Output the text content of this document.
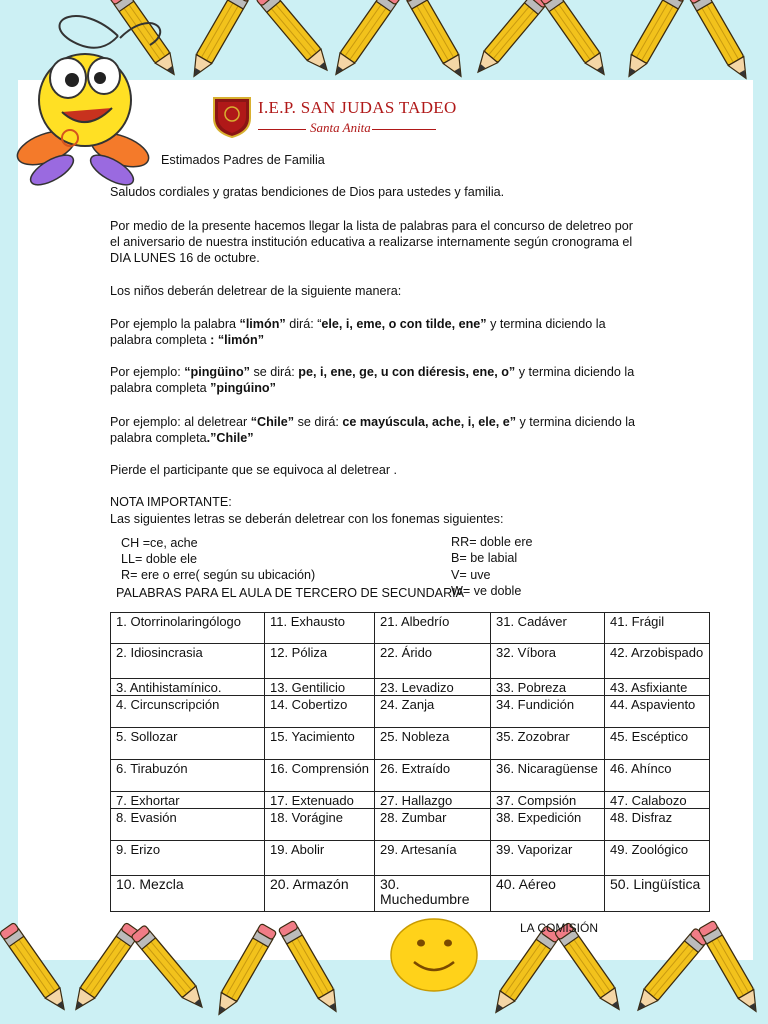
I.E.P. SAN JUDAS TADEO
Santa Anita
Estimados Padres de Familia
Saludos cordiales y gratas bendiciones de Dios para ustedes y familia.
Por medio de la presente hacemos llegar la lista de palabras para el concurso de deletreo por
el aniversario de nuestra institución educativa a realizarse internamente según cronograma el
DIA LUNES 16 de octubre.
Los niños deberán deletrear de la siguiente manera:
Por ejemplo la palabra “limón” dirá: “ele, i, eme, o con tilde, ene” y termina diciendo la
palabra completa : “limón”
Por ejemplo: “pingüino” se dirá: pe, i, ene, ge, u con diéresis, ene, o” y termina diciendo la
palabra completa ”pingúino”
Por ejemplo: al deletrear “Chile” se dirá: ce mayúscula, ache, i, ele, e” y termina diciendo la
palabra completa.”Chile”
Pierde el participante que se equivoca al deletrear .
NOTA IMPORTANTE:
Las siguientes letras se deberán deletrear con los fonemas siguientes:
CH =ce, ache
LL= doble ele
R= ere o erre( según su ubicación)
RR= doble ere
B= be labial
V= uve
W= ve doble
PALABRAS PARA EL AULA DE TERCERO DE SECUNDARIA
1. Otorrinolaringólogo	11. Exhausto	21. Albedrío	31. Cadáver	41. Frágil
2. Idiosincrasia	12. Póliza	22. Árido	32. Víbora	42. Arzobispado
3. Antihistamínico.	13. Gentilicio	23. Levadizo	33. Pobreza	43. Asfixiante
4. Circunscripción	14. Cobertizo	24. Zanja	34. Fundición	44. Aspaviento
5. Sollozar	15. Yacimiento	25. Nobleza	35. Zozobrar	45. Escéptico
6. Tirabuzón	16. Comprensión	26. Extraído	36. Nicaragüense	46. Ahínco
7. Exhortar	17. Extenuado	27. Hallazgo	37. Compsión	47. Calabozo
8. Evasión	18. Vorágine	28. Zumbar	38. Expedición	48. Disfraz
9. Erizo	19. Abolir	29. Artesanía	39. Vaporizar	49. Zoológico
10. Mezcla	20. Armazón	30. Muchedumbre	40. Aéreo	50. Lingüística
LA COMISIÓN
